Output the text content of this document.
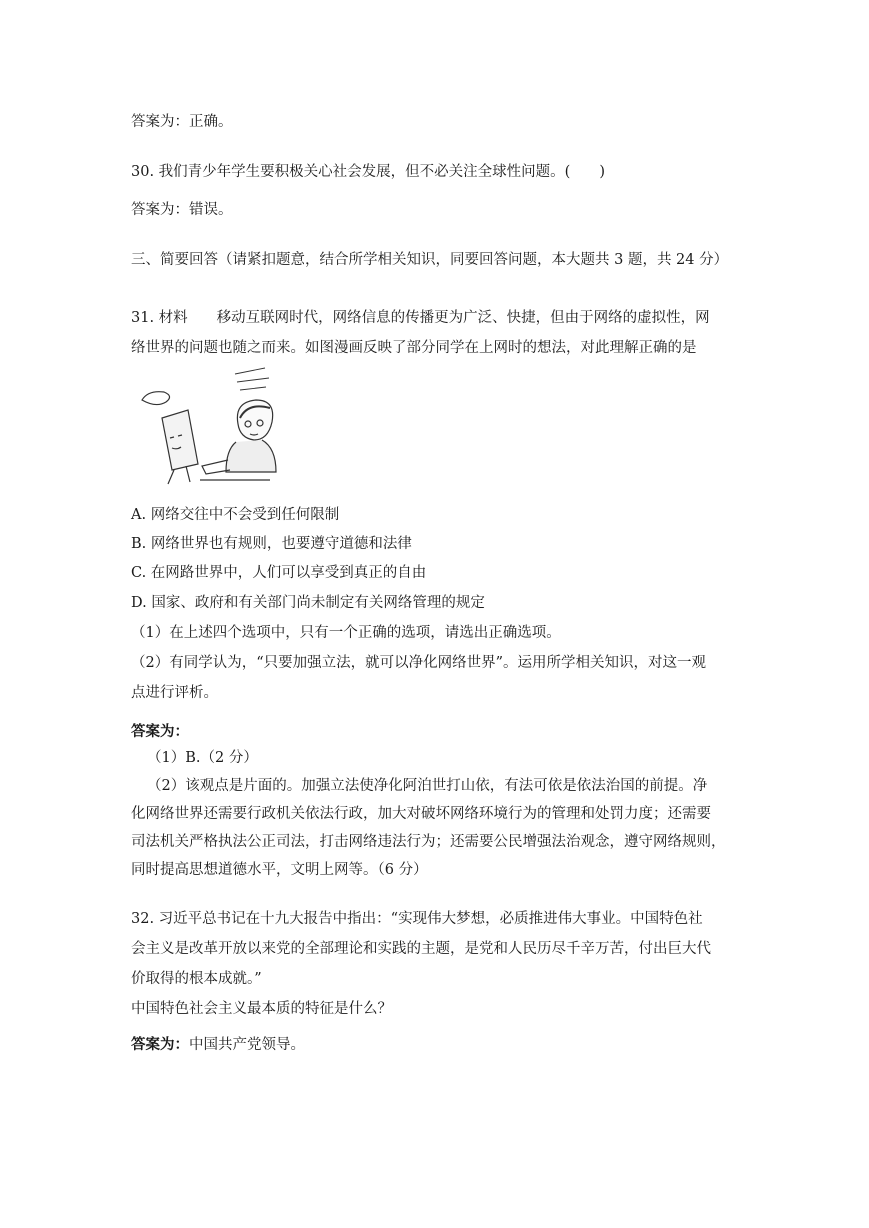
答案为：正确。
30. 我们青少年学生要积极关心社会发展，但不必关注全球性问题。(　　)
答案为：错误。
三、简要回答（请紧扣题意，结合所学相关知识，同要回答问题，本大题共 3 题，共 24 分）
31. 材料　　移动互联网时代，网络信息的传播更为广泛、快捷，但由于网络的虚拟性，网
络世界的问题也随之而来。如图漫画反映了部分同学在上网时的想法，对此理解正确的是
A. 网络交往中不会受到任何限制
B. 网络世界也有规则，也要遵守道德和法律
C. 在网路世界中，人们可以享受到真正的自由
D. 国家、政府和有关部门尚未制定有关网络管理的规定
（1）在上述四个选项中，只有一个正确的选项，请选出正确选项。
（2）有同学认为，“只要加强立法，就可以净化网络世界”。运用所学相关知识，对这一观
点进行评析。
答案为：
（1）B.（2 分）
（2）该观点是片面的。加强立法使净化阿泊世打山依，有法可依是依法治国的前提。净
化网络世界还需要行政机关依法行政，加大对破坏网络环境行为的管理和处罚力度；还需要
司法机关严格执法公正司法，打击网络违法行为；还需要公民增强法治观念，遵守网络规则，
同时提高思想道德水平，文明上网等。（6 分）
32. 习近平总书记在十九大报告中指出：“实现伟大梦想，必质推进伟大事业。中国特色社
会主义是改革开放以来党的全部理论和实践的主题，是党和人民历尽千辛万苦，付出巨大代
价取得的根本成就。”
中国特色社会主义最本质的特征是什么？
答案为：中国共产党领导。
